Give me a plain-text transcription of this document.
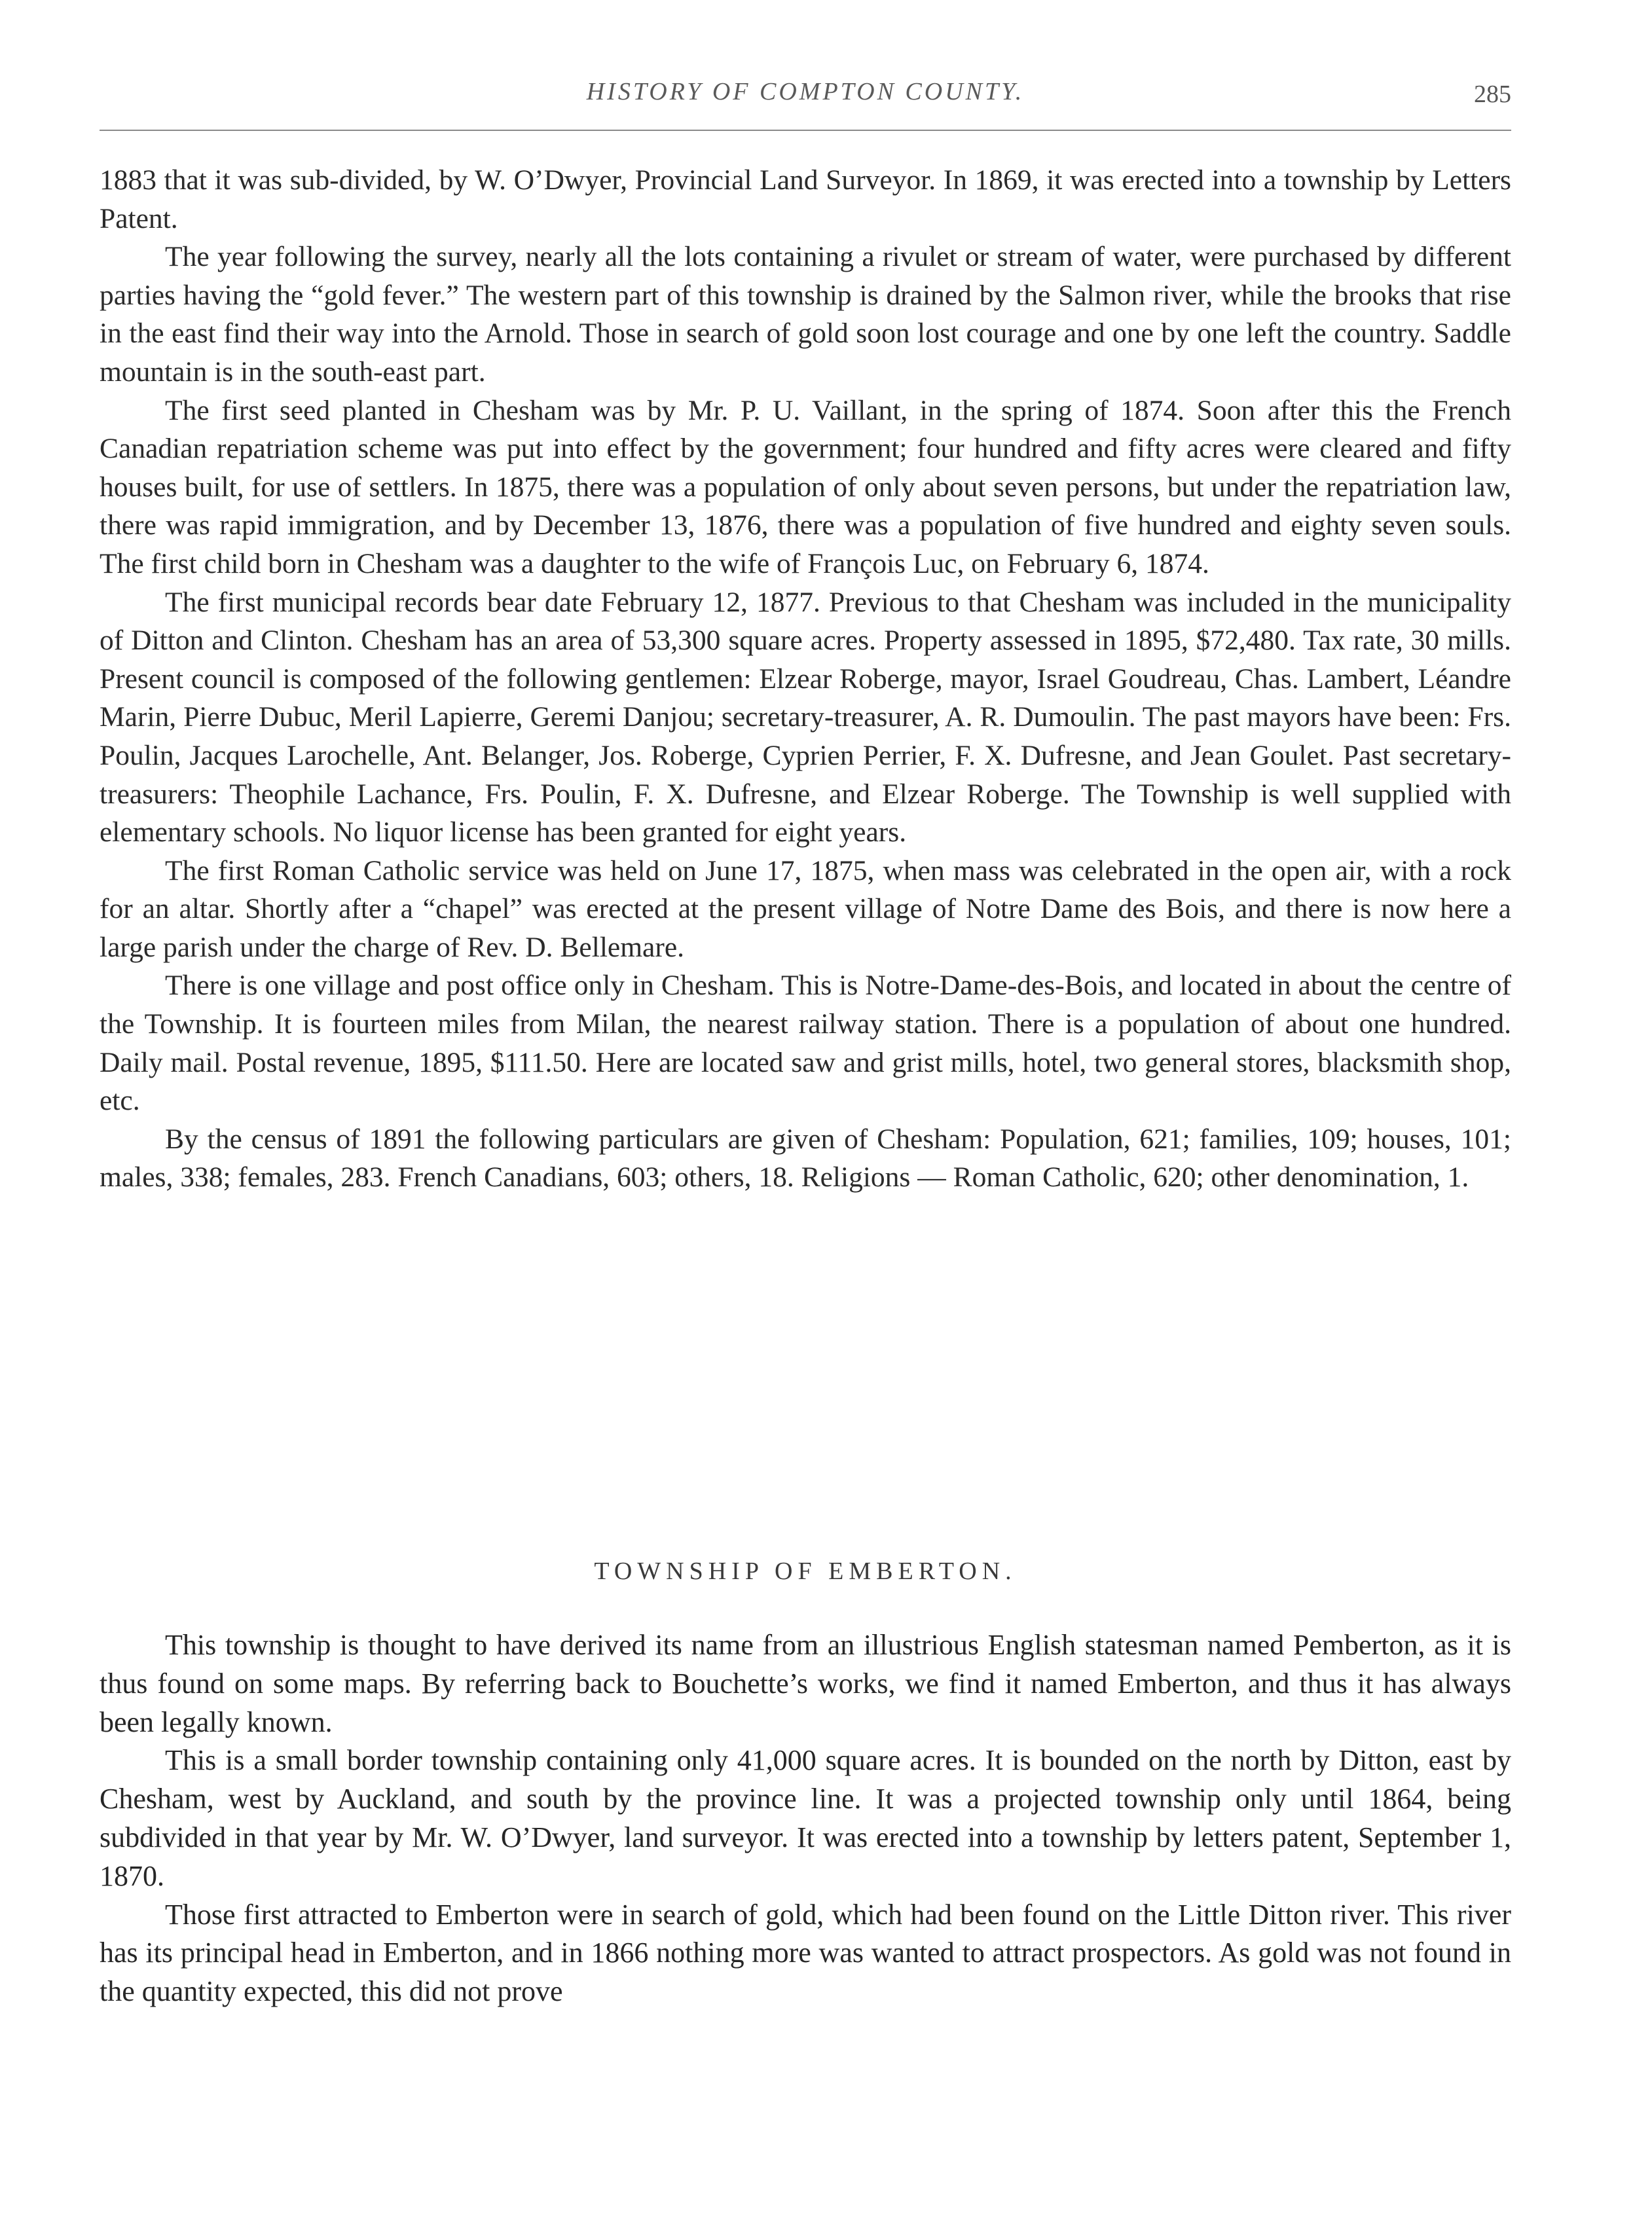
HISTORY OF COMPTON COUNTY.	285

1883 that it was sub-divided, by W. O’Dwyer, Provincial Land Surveyor. In 1869, it was erected into a township by Letters Patent.

The year following the survey, nearly all the lots containing a rivulet or stream of water, were purchased by different parties having the “gold fever.” The western part of this township is drained by the Salmon river, while the brooks that rise in the east find their way into the Arnold. Those in search of gold soon lost courage and one by one left the country. Saddle mountain is in the south-east part.

The first seed planted in Chesham was by Mr. P. U. Vaillant, in the spring of 1874. Soon after this the French Canadian repatriation scheme was put into effect by the government; four hundred and fifty acres were cleared and fifty houses built, for use of settlers. In 1875, there was a population of only about seven persons, but under the repatriation law, there was rapid immigration, and by December 13, 1876, there was a population of five hundred and eighty seven souls. The first child born in Chesham was a daughter to the wife of François Luc, on February 6, 1874.

The first municipal records bear date February 12, 1877. Previous to that Chesham was included in the municipality of Ditton and Clinton. Chesham has an area of 53,300 square acres. Property assessed in 1895, $72,480. Tax rate, 30 mills. Present council is composed of the following gentlemen: Elzear Roberge, mayor, Israel Goudreau, Chas. Lambert, Léandre Marin, Pierre Dubuc, Meril Lapierre, Geremi Danjou; secretary-treasurer, A. R. Dumoulin. The past mayors have been: Frs. Poulin, Jacques Larochelle, Ant. Belanger, Jos. Roberge, Cyprien Perrier, F. X. Dufresne, and Jean Goulet. Past secretary-treasurers: Theophile Lachance, Frs. Poulin, F. X. Dufresne, and Elzear Roberge. The Township is well supplied with elementary schools. No liquor license has been granted for eight years.

The first Roman Catholic service was held on June 17, 1875, when mass was celebrated in the open air, with a rock for an altar. Shortly after a “chapel” was erected at the present village of Notre Dame des Bois, and there is now here a large parish under the charge of Rev. D. Bellemare.

There is one village and post office only in Chesham. This is Notre-Dame-des-Bois, and located in about the centre of the Township. It is fourteen miles from Milan, the nearest railway station. There is a population of about one hundred. Daily mail. Postal revenue, 1895, $111.50. Here are located saw and grist mills, hotel, two general stores, blacksmith shop, etc.

By the census of 1891 the following particulars are given of Chesham: Population, 621; families, 109; houses, 101; males, 338; females, 283. French Canadians, 603; others, 18. Religions — Roman Catholic, 620; other denomination, 1.

TOWNSHIP OF EMBERTON.

This township is thought to have derived its name from an illustrious English statesman named Pemberton, as it is thus found on some maps. By referring back to Bouchette’s works, we find it named Emberton, and thus it has always been legally known.

This is a small border township containing only 41,000 square acres. It is bounded on the north by Ditton, east by Chesham, west by Auckland, and south by the province line. It was a projected township only until 1864, being subdivided in that year by Mr. W. O’Dwyer, land surveyor. It was erected into a township by letters patent, September 1, 1870.

Those first attracted to Emberton were in search of gold, which had been found on the Little Ditton river. This river has its principal head in Emberton, and in 1866 nothing more was wanted to attract prospectors. As gold was not found in the quantity expected, this did not prove
